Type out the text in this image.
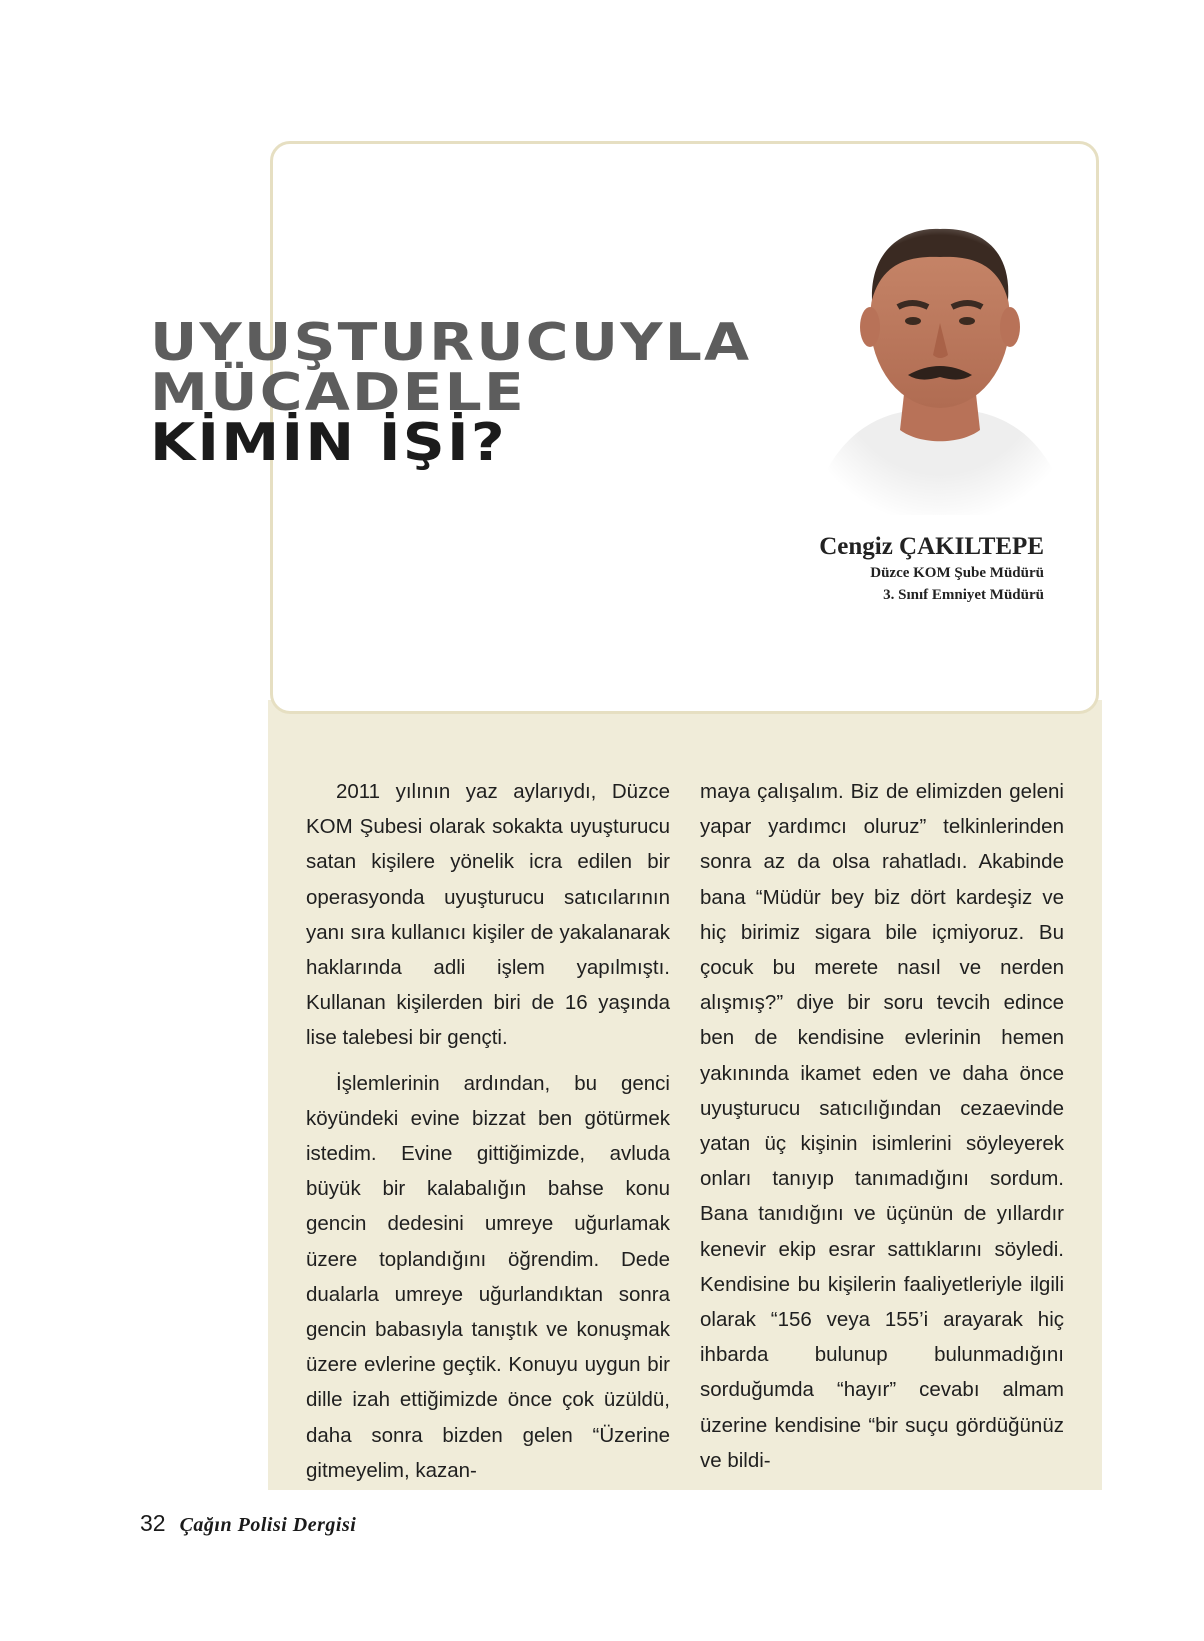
UYUŞTURUCUYLA
MÜCADELE
KİMİN İŞİ?
Cengiz ÇAKILTEPE
Düzce KOM Şube Müdürü
3. Sınıf Emniyet Müdürü

2011 yılının yaz aylarıydı, Düzce KOM Şubesi olarak sokakta uyuşturucu satan kişilere yönelik icra edilen bir operasyonda uyuşturucu satıcılarının yanı sıra kullanıcı kişiler de yakalanarak haklarında adli işlem yapılmıştı. Kullanan kişilerden biri de 16 yaşında lise talebesi bir gençti.

İşlemlerinin ardından, bu genci köyündeki evine bizzat ben götürmek istedim. Evine gittiğimizde, avluda büyük bir kalabalığın bahse konu gencin dedesini umreye uğurlamak üzere toplandığını öğrendim. Dede dualarla umreye uğurlandıktan sonra gencin babasıyla tanıştık ve konuşmak üzere evlerine geçtik. Konuyu uygun bir dille izah ettiğimizde önce çok üzüldü, daha sonra bizden gelen “Üzerine gitmeyelim, kazan-

maya çalışalım. Biz de elimizden geleni yapar yardımcı oluruz” telkinlerinden sonra az da olsa rahatladı. Akabinde bana “Müdür bey biz dört kardeşiz ve hiç birimiz sigara bile içmiyoruz. Bu çocuk bu merete nasıl ve nerden alışmış?” diye bir soru tevcih edince ben de kendisine evlerinin hemen yakınında ikamet eden ve daha önce uyuşturucu satıcılığından cezaevinde yatan üç kişinin isimlerini söyleyerek onları tanıyıp tanımadığını sordum. Bana tanıdığını ve üçünün de yıllardır kenevir ekip esrar sattıklarını söyledi. Kendisine bu kişilerin faaliyetleriyle ilgili olarak “156 veya 155’i arayarak hiç ihbarda bulunup bulunmadığını sorduğumda “hayır” cevabı almam üzerine kendisine “bir suçu gördüğünüz ve bildi-

32 Çağın Polisi Dergisi
